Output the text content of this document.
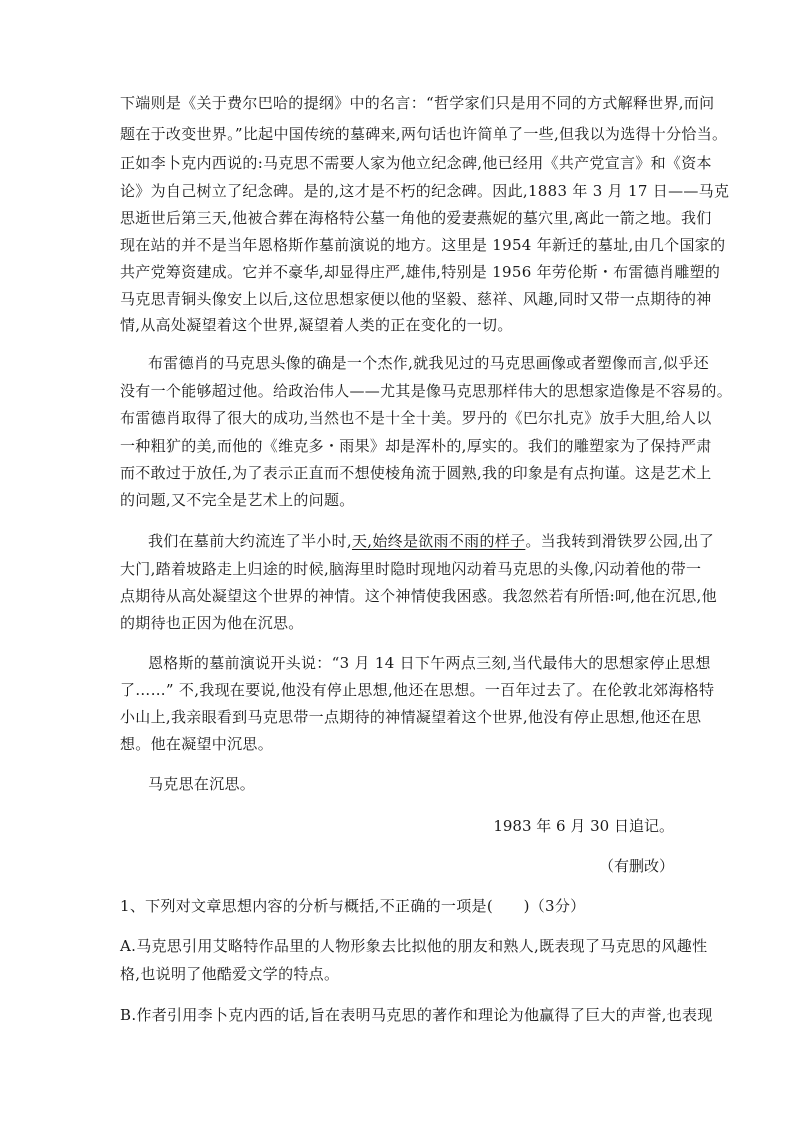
下端则是《关于费尔巴哈的提纲》中的名言：“哲学家们只是用不同的方式解释世界,而问
题在于改变世界。”比起中国传统的墓碑来,两句话也许简单了一些,但我以为选得十分恰当。
正如李卜克内西说的:马克思不需要人家为他立纪念碑,他已经用《共产党宣言》和《资本
论》为自己树立了纪念碑。是的,这才是不朽的纪念碑。因此,1883 年 3 月 17 日——马克
思逝世后第三天,他被合葬在海格特公墓一角他的爱妻燕妮的墓穴里,离此一箭之地。我们
现在站的并不是当年恩格斯作墓前演说的地方。这里是 1954 年新迁的墓址,由几个国家的
共产党筹资建成。它并不豪华,却显得庄严,雄伟,特别是 1956 年劳伦斯・布雷德肖雕塑的
马克思青铜头像安上以后,这位思想家便以他的坚毅、慈祥、风趣,同时又带一点期待的神
情,从高处凝望着这个世界,凝望着人类的正在变化的一切。
布雷德肖的马克思头像的确是一个杰作,就我见过的马克思画像或者塑像而言,似乎还
没有一个能够超过他。给政治伟人——尤其是像马克思那样伟大的思想家造像是不容易的。
布雷德肖取得了很大的成功,当然也不是十全十美。罗丹的《巴尔扎克》放手大胆,给人以
一种粗犷的美,而他的《维克多・雨果》却是浑朴的,厚实的。我们的雕塑家为了保持严肃
而不敢过于放任,为了表示正直而不想使棱角流于圆熟,我的印象是有点拘谨。这是艺术上
的问题,又不完全是艺术上的问题。
我们在墓前大约流连了半小时,天,始终是欲雨不雨的样子。当我转到滑铁罗公园,出了
大门,踏着坡路走上归途的时候,脑海里时隐时现地闪动着马克思的头像,闪动着他的带一
点期待从高处凝望这个世界的神情。这个神情使我困惑。我忽然若有所悟:呵,他在沉思,他
的期待也正因为他在沉思。
恩格斯的墓前演说开头说：“3 月 14 日下午两点三刻,当代最伟大的思想家停止思想
了……” 不,我现在要说,他没有停止思想,他还在思想。一百年过去了。在伦敦北郊海格特
小山上,我亲眼看到马克思带一点期待的神情凝望着这个世界,他没有停止思想,他还在思
想。他在凝望中沉思。
马克思在沉思。
1983 年 6 月 30 日追记。
（有删改）
1、下列对文章思想内容的分析与概括,不正确的一项是(　　)（3分）
A.马克思引用艾略特作品里的人物形象去比拟他的朋友和熟人,既表现了马克思的风趣性
格,也说明了他酷爱文学的特点。
B.作者引用李卜克内西的话,旨在表明马克思的著作和理论为他赢得了巨大的声誉,也表现
